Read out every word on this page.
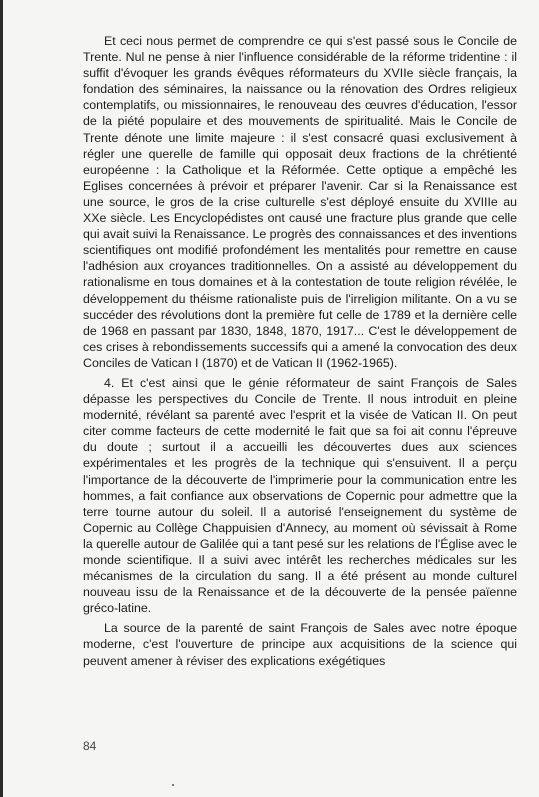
Et ceci nous permet de comprendre ce qui s'est passé sous le Concile de Trente. Nul ne pense à nier l'influence considérable de la réforme tridentine : il suffit d'évoquer les grands évêques réformateurs du XVIIe siècle français, la fondation des séminaires, la naissance ou la rénovation des Ordres religieux contemplatifs, ou missionnaires, le renouveau des œuvres d'éducation, l'essor de la piété populaire et des mouvements de spiritualité. Mais le Concile de Trente dénote une limite majeure : il s'est consacré quasi exclusivement à régler une querelle de famille qui opposait deux fractions de la chrétienté européenne : la Catholique et la Réformée. Cette optique a empêché les Eglises concernées à prévoir et préparer l'avenir. Car si la Renaissance est une source, le gros de la crise culturelle s'est déployé ensuite du XVIIIe au XXe siècle. Les Encyclopédistes ont causé une fracture plus grande que celle qui avait suivi la Renaissance. Le progrès des connaissances et des inventions scientifiques ont modifié profondément les mentalités pour remettre en cause l'adhésion aux croyances traditionnelles. On a assisté au développement du rationalisme en tous domaines et à la contestation de toute religion révélée, le développement du théisme rationaliste puis de l'irreligion militante. On a vu se succéder des révolutions dont la première fut celle de 1789 et la dernière celle de 1968 en passant par 1830, 1848, 1870, 1917... C'est le développement de ces crises à rebondissements successifs qui a amené la convocation des deux Conciles de Vatican I (1870) et de Vatican II (1962-1965).

4. Et c'est ainsi que le génie réformateur de saint François de Sales dépasse les perspectives du Concile de Trente. Il nous introduit en pleine modernité, révélant sa parenté avec l'esprit et la visée de Vatican II. On peut citer comme facteurs de cette modernité le fait que sa foi ait connu l'épreuve du doute ; surtout il a accueilli les découvertes dues aux sciences expérimentales et les progrès de la technique qui s'ensuivent. Il a perçu l'importance de la découverte de l'imprimerie pour la communication entre les hommes, a fait confiance aux observations de Copernic pour admettre que la terre tourne autour du soleil. Il a autorisé l'enseignement du système de Copernic au Collège Chappuisien d'Annecy, au moment où sévissait à Rome la querelle autour de Galilée qui a tant pesé sur les relations de l'Église avec le monde scientifique. Il a suivi avec intérêt les recherches médicales sur les mécanismes de la circulation du sang. Il a été présent au monde culturel nouveau issu de la Renaissance et de la découverte de la pensée païenne gréco-latine.

La source de la parenté de saint François de Sales avec notre époque moderne, c'est l'ouverture de principe aux acquisitions de la science qui peuvent amener à réviser des explications exégétiques

84
